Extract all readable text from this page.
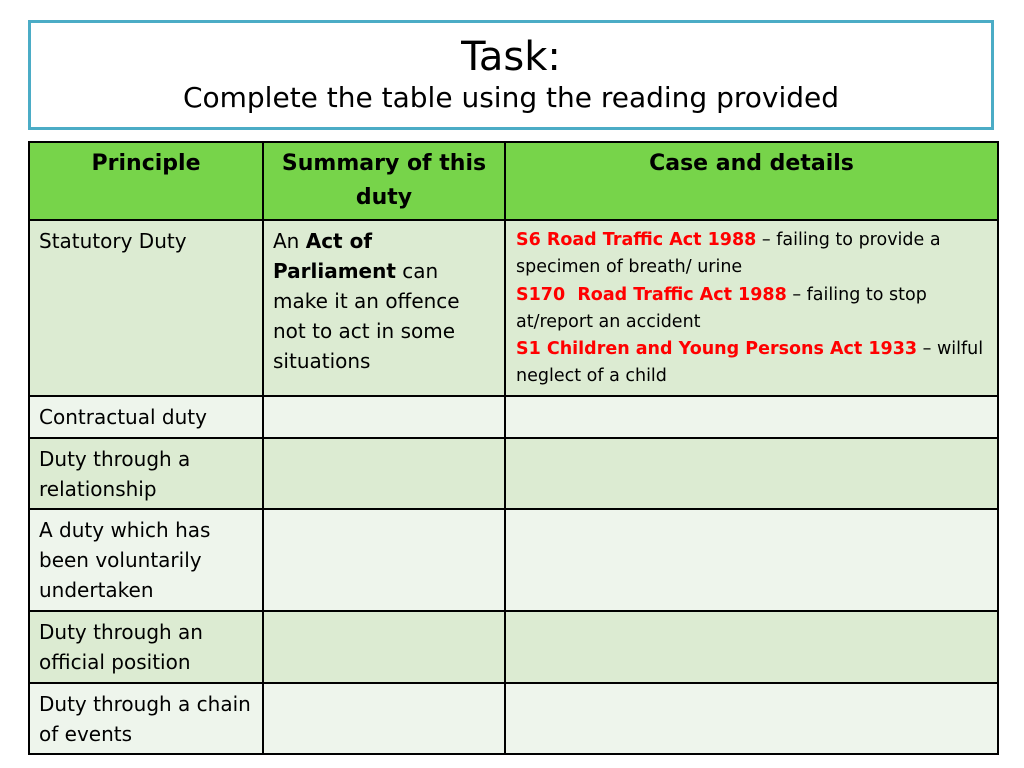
Task:
Complete the table using the reading provided
Principle	Summary of this duty	Case and details
Statutory Duty	An Act of Parliament can make it an offence not to act in some situations	S6 Road Traffic Act 1988 – failing to provide a specimen of breath/ urine
S170  Road Traffic Act 1988 – failing to stop at/report an accident
S1 Children and Young Persons Act 1933 – wilful neglect of a child

Contractual duty		
Duty through a relationship		
A duty which has been voluntarily undertaken		
Duty through an official position		
Duty through a chain of events		
